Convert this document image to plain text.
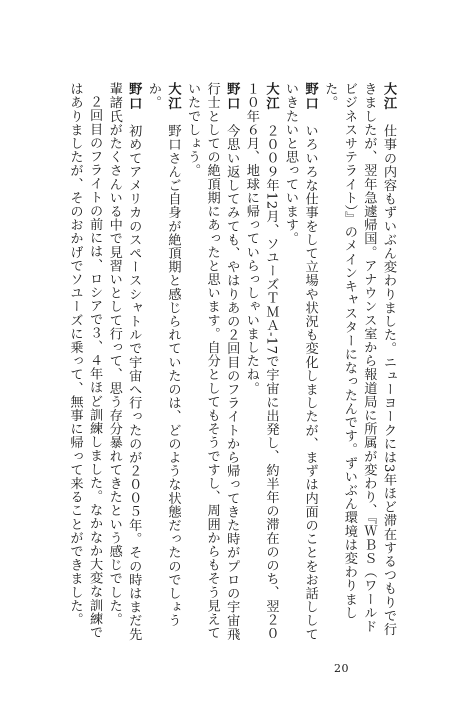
大江　仕事の内容もずいぶん変わりました。ニューヨークには3年ほど滞在するつもりで行きましたが、翌年急遽帰国。アナウンス室から報道局に所属が変わり、『ＷＢＳ（ワールドビジネスサテライト）』のメインキャスターになったんです。ずいぶん環境は変わりました。

野口　いろいろな仕事をして立場や状況も変化しましたが、まずは内面のことをお話ししていきたいと思っています。

大江　２００９年12月、ソユーズＴＭＡ-17で宇宙に出発し、約半年の滞在ののち、翌２０１０年６月、地球に帰っていらっしゃいましたね。

野口　今思い返してみても、やはりあの２回目のフライトから帰ってきた時がプロの宇宙飛行士としての絶頂期にあったと思います。自分としてもそうですし、周囲からもそう見えていたでしょう。

大江　野口さんご自身が絶頂期と感じられていたのは、どのような状態だったのでしょうか。

野口　初めてアメリカのスペースシャトルで宇宙へ行ったのが２００５年。その時はまだ先輩諸氏がたくさんいる中で見習いとして行って、思う存分暴れてきたという感じでした。

２回目のフライトの前には、ロシアで３、４年ほど訓練しました。なかなか大変な訓練ではありましたが、そのおかげでソユーズに乗って、無事に帰って来ることができました。

20
